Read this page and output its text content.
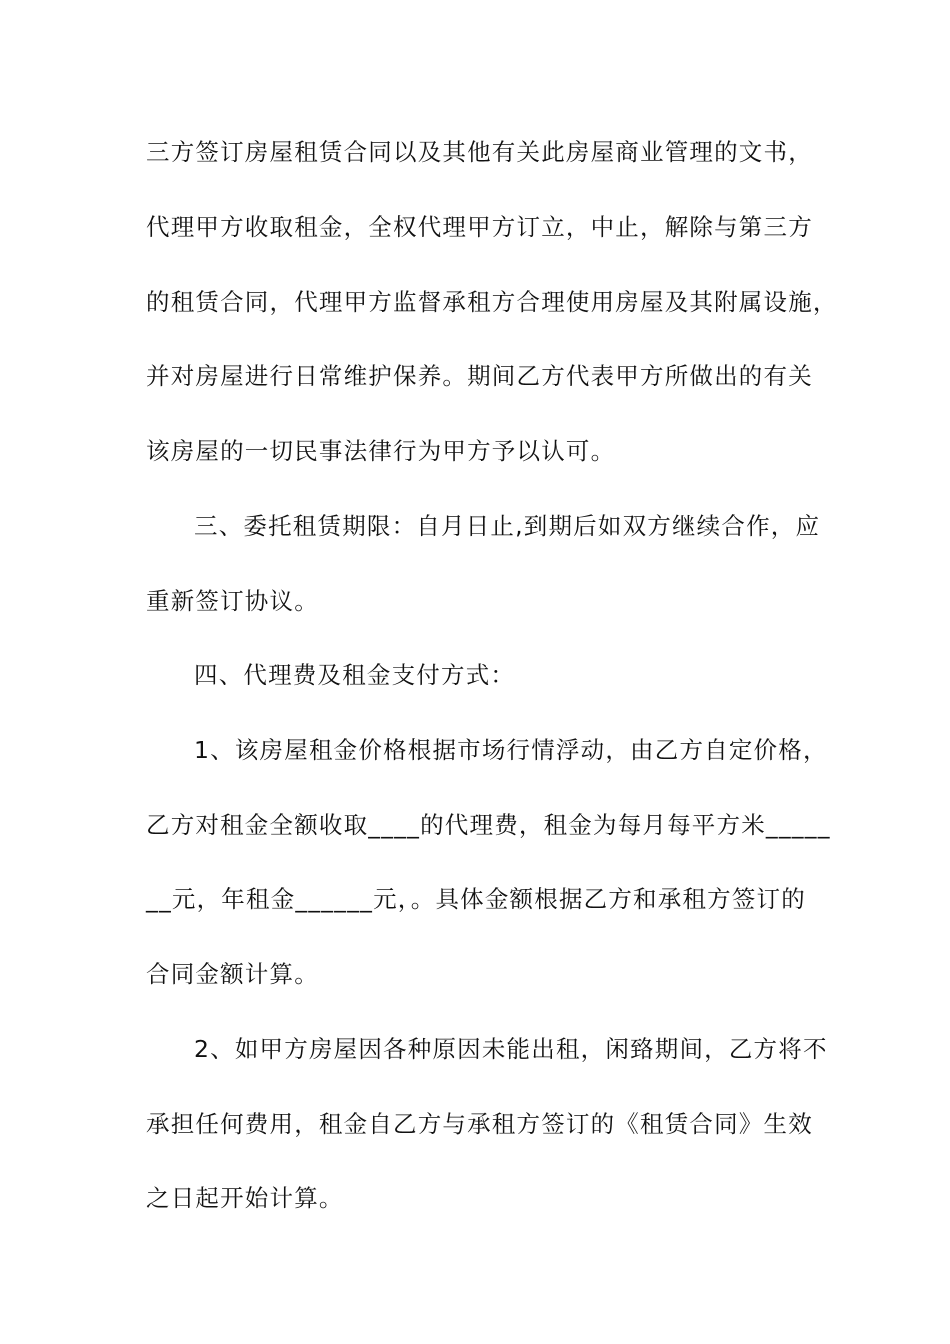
三方签订房屋租赁合同以及其他有关此房屋商业管理的文书，
代理甲方收取租金，全权代理甲方订立，中止，解除与第三方
的租赁合同，代理甲方监督承租方合理使用房屋及其附属设施，
并对房屋进行日常维护保养。期间乙方代表甲方所做出的有关
该房屋的一切民事法律行为甲方予以认可。
三、委托租赁期限：自月日止,到期后如双方继续合作，应
重新签订协议。
四、代理费及租金支付方式：
1、该房屋租金价格根据市场行情浮动，由乙方自定价格，
乙方对租金全额收取____的代理费，租金为每月每平方米_____
__元，年租金______元，。具体金额根据乙方和承租方签订的
合同金额计算。
2、如甲方房屋因各种原因未能出租，闲臵期间，乙方将不
承担任何费用，租金自乙方与承租方签订的《租赁合同》生效
之日起开始计算。
